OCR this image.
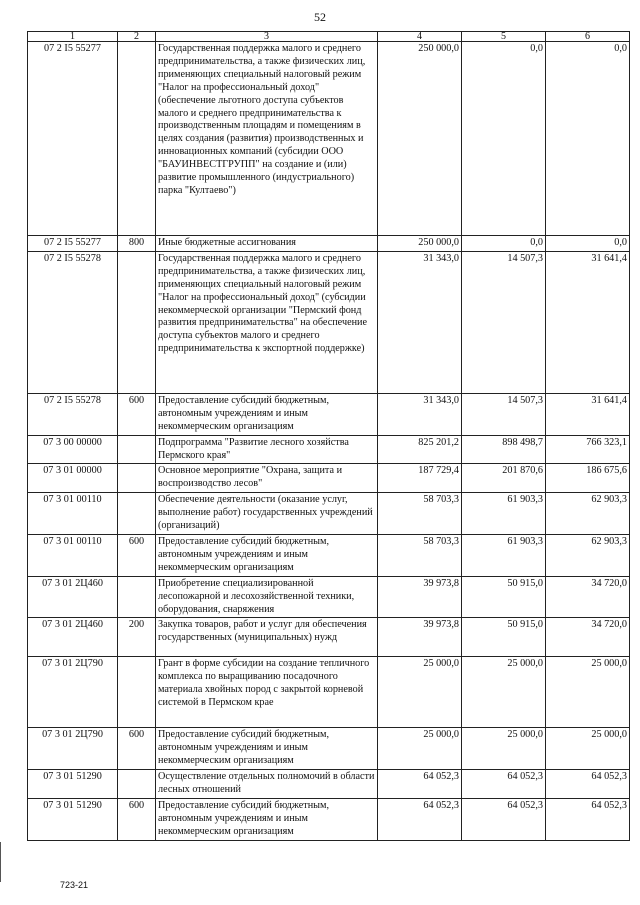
52
1	2	3	4	5	6
07 2 I5 55277		Государственная поддержка малого и среднего предпринимательства, а также физических лиц, применяющих специальный налоговый режим "Налог на профессиональный доход" (обеспечение льготного доступа субъектов малого и среднего предпринимательства к производственным площадям и помещениям в целях создания (развития) производственных и инновационных компаний (субсидии ООО "БАУИНВЕСТГРУПП" на создание и (или) развитие промышленного (индустриального) парка "Култаево")	250 000,0	0,0	0,0
07 2 I5 55277	800	Иные бюджетные ассигнования	250 000,0	0,0	0,0
07 2 I5 55278		Государственная поддержка малого и среднего предпринимательства, а также физических лиц, применяющих специальный налоговый режим "Налог на профессиональный доход" (субсидии некоммерческой организации "Пермский фонд развития предпринимательства" на обеспечение доступа субъектов малого и среднего предпринимательства к экспортной поддержке)	31 343,0	14 507,3	31 641,4
07 2 I5 55278	600	Предоставление субсидий бюджетным, автономным учреждениям и иным некоммерческим организациям	31 343,0	14 507,3	31 641,4
07 3 00 00000		Подпрограмма "Развитие лесного хозяйства Пермского края"	825 201,2	898 498,7	766 323,1
07 3 01 00000		Основное мероприятие "Охрана, защита и воспроизводство лесов"	187 729,4	201 870,6	186 675,6
07 3 01 00110		Обеспечение деятельности (оказание услуг, выполнение работ) государственных учреждений (организаций)	58 703,3	61 903,3	62 903,3
07 3 01 00110	600	Предоставление субсидий бюджетным, автономным учреждениям и иным некоммерческим организациям	58 703,3	61 903,3	62 903,3
07 3 01 2Ц460		Приобретение специализированной лесопожарной и лесохозяйственной техники, оборудования, снаряжения	39 973,8	50 915,0	34 720,0
07 3 01 2Ц460	200	Закупка товаров, работ и услуг для обеспечения государственных (муниципальных) нужд	39 973,8	50 915,0	34 720,0
07 3 01 2Ц790		Грант в форме субсидии на создание тепличного комплекса по выращиванию посадочного материала хвойных пород с закрытой корневой системой в Пермском крае	25 000,0	25 000,0	25 000,0
07 3 01 2Ц790	600	Предоставление субсидий бюджетным, автономным учреждениям и иным некоммерческим организациям	25 000,0	25 000,0	25 000,0
07 3 01 51290		Осуществление отдельных полномочий в области лесных отношений	64 052,3	64 052,3	64 052,3
07 3 01 51290	600	Предоставление субсидий бюджетным, автономным учреждениям и иным некоммерческим организациям	64 052,3	64 052,3	64 052,3
723-21
